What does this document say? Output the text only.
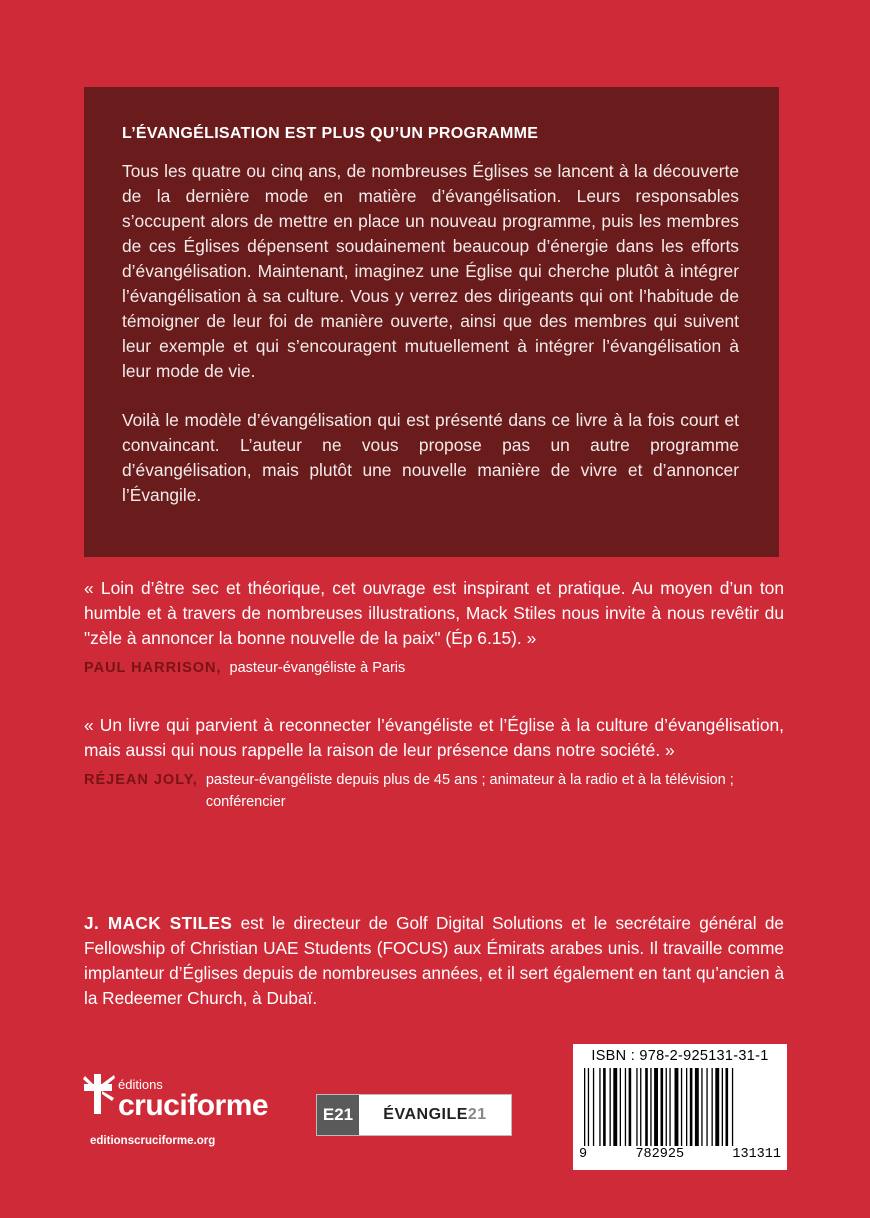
L’ÉVANGÉLISATION EST PLUS QU’UN PROGRAMME

Tous les quatre ou cinq ans, de nombreuses Églises se lancent à la découverte de la dernière mode en matière d’évangélisation. Leurs responsables s’occupent alors de mettre en place un nouveau programme, puis les membres de ces Églises dépensent soudainement beaucoup d’énergie dans les efforts d’évangélisation. Maintenant, imaginez une Église qui cherche plutôt à intégrer l’évangélisation à sa culture. Vous y verrez des dirigeants qui ont l’habitude de témoigner de leur foi de manière ouverte, ainsi que des membres qui suivent leur exemple et qui s’encouragent mutuellement à intégrer l’évangélisation à leur mode de vie.

Voilà le modèle d’évangélisation qui est présenté dans ce livre à la fois court et convaincant. L’auteur ne vous propose pas un autre programme d’évangélisation, mais plutôt une nouvelle manière de vivre et d’annoncer l’Évangile.

« Loin d’être sec et théorique, cet ouvrage est inspirant et pratique. Au moyen d’un ton humble et à travers de nombreuses illustrations, Mack Stiles nous invite à nous revêtir du "zèle à annoncer la bonne nouvelle de la paix" (Ép 6.15). »

PAUL HARRISON, pasteur-évangéliste à Paris

« Un livre qui parvient à reconnecter l’évangéliste et l’Église à la culture d’évangélisation, mais aussi qui nous rappelle la raison de leur présence dans notre société. »

RÉJEAN JOLY, pasteur-évangéliste depuis plus de 45 ans ; animateur à la radio et à la télévision ; conférencier
J. MACK STILES est le directeur de Golf Digital Solutions et le secrétaire général de Fellowship of Christian UAE Students (FOCUS) aux Émirats arabes unis. Il travaille comme implanteur d’Églises depuis de nombreuses années, et il sert également en tant qu’ancien à la Redeemer Church, à Dubaï.
éditions
cruciforme
editionscruciforme.org
E21	ÉVANGILE 21
ISBN : 978-2-925131-31-1
9	782925	131311
